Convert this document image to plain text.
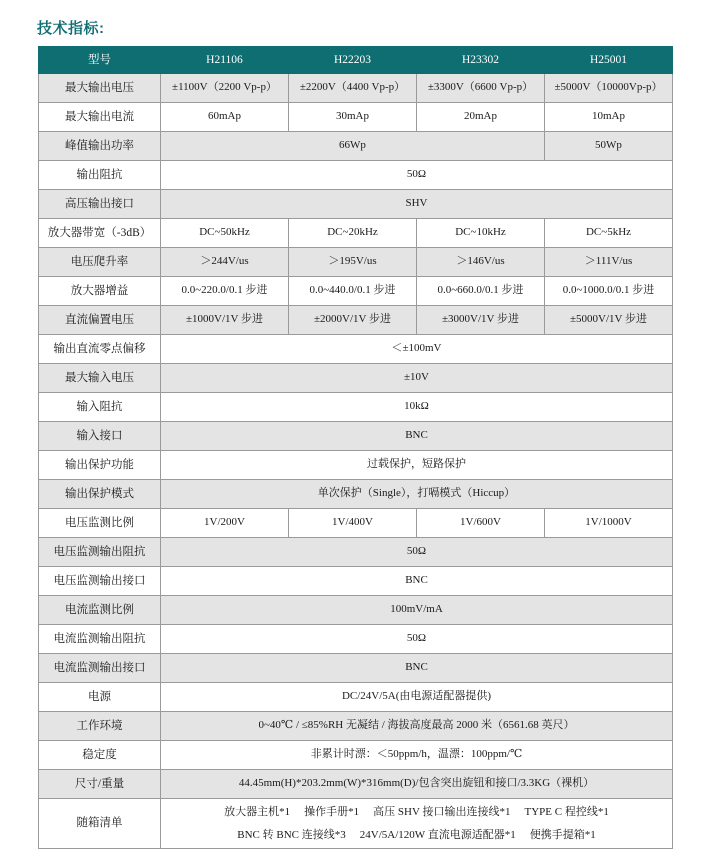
技术指标:
型号	H21106	H22203	H23302	H25001
最大输出电压	±1100V（2200 Vp-p）	±2200V（4400 Vp-p）	±3300V（6600 Vp-p）	±5000V（10000Vp-p）
最大输出电流	60mAp	30mAp	20mAp	10mAp
峰值输出功率	66Wp			50Wp
输出阻抗	50Ω			
高压输出接口	SHV			
放大器带宽（-3dB）	DC~50kHz	DC~20kHz	DC~10kHz	DC~5kHz
电压爬升率	＞244V/us	＞195V/us	＞146V/us	＞111V/us
放大器增益	0.0~220.0/0.1 步进	0.0~440.0/0.1 步进	0.0~660.0/0.1 步进	0.0~1000.0/0.1 步进
直流偏置电压	±1000V/1V 步进	±2000V/1V 步进	±3000V/1V 步进	±5000V/1V 步进
输出直流零点偏移	＜±100mV			
最大输入电压	±10V			
输入阻抗	10kΩ			
输入接口	BNC			
输出保护功能	过载保护，短路保护			
输出保护模式	单次保护（Single），打嗝模式（Hiccup）			
电压监测比例	1V/200V	1V/400V	1V/600V	1V/1000V
电压监测输出阻抗	50Ω			
电压监测输出接口	BNC			
电流监测比例	100mV/mA			
电流监测输出阻抗	50Ω			
电流监测输出接口	BNC			
电源	DC/24V/5A(由电源适配器提供)			
工作环境	0~40℃ / ≤85%RH 无凝结 / 海拔高度最高 2000 米（6561.68 英尺）			
稳定度	非累计时漂：＜50ppm/h，温漂：100ppm/℃			
尺寸/重量	44.45mm(H)*203.2mm(W)*316mm(D)/包含突出旋钮和接口/3.3KG（裸机）			
随箱清单	放大器主机*1 操作手册*1 高压 SHV 接口输出连接线*1 TYPE C 程控线*1
BNC 转 BNC 连接线*3 24V/5A/120W 直流电源适配器*1 便携手提箱*1			
